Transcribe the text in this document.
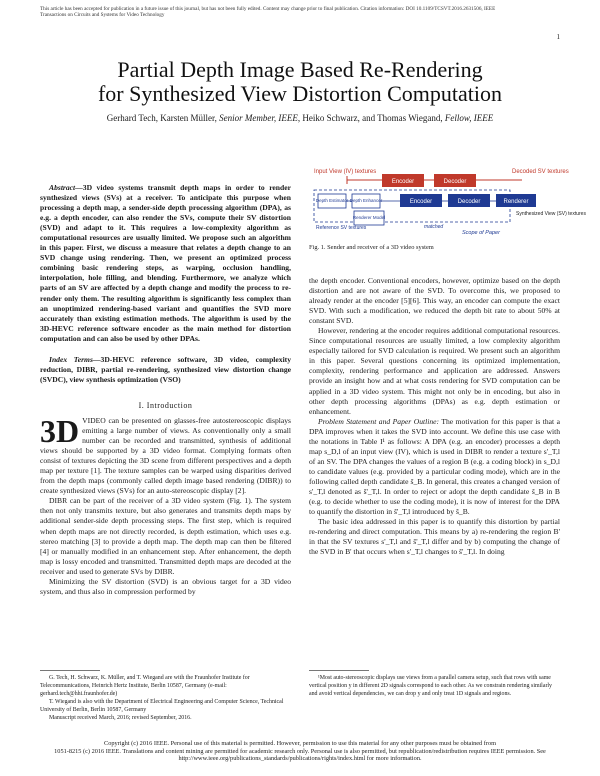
This article has been accepted for publication in a future issue of this journal, but has not been fully edited. Content may change prior to final publication. Citation information: DOI 10.1109/TCSVT.2016.2631506, IEEE
Transactions on Circuits and Systems for Video Technology
1
Partial Depth Image Based Re-Rendering
for Synthesized View Distortion Computation
Gerhard Tech, Karsten Müller, Senior Member, IEEE, Heiko Schwarz, and Thomas Wiegand, Fellow, IEEE

Abstract—3D video systems transmit depth maps in order to render synthesized views (SVs) at a receiver. To anticipate this purpose when processing a depth map, a sender-side depth processing algorithm (DPA), as e.g. a depth encoder, can also render the SVs, compute their SV distortion (SVD) and adapt to it. This requires a low-complexity algorithm as computational resources are usually limited. We propose such an algorithm in this paper. First, we discuss a measure that relates a depth change to an SVD change using rendering. Then, we present an optimized process combining basic rendering steps, as warping, occlusion handling, interpolation, hole filling, and blending. Furthermore, we analyze which parts of an SV are affected by a depth change and modify the process to re-render only them. The resulting algorithm is significantly less complex than an unoptimized rendering-based variant and quantifies the SVD more accurately than existing estimation methods. The algorithm is used by the 3D-HEVC reference software encoder as the main method for distortion computation and can also be used by other DPAs.

Index Terms—3D-HEVC reference software, 3D video, complexity reduction, DIBR, partial re-rendering, synthesized view distortion change (SVDC), view synthesis optimization (VSO)

I. Introduction

3D VIDEO can be presented on glasses-free autostereoscopic displays emitting a large number of views. As conventionally only a small number can be recorded and transmitted, synthesis of additional views should be supported by a 3D video format. Complying formats often consist of textures depicting the 3D scene from different perspectives and a depth map per texture [1]. The texture samples can be warped using disparities derived from the depth maps (commonly called depth image based rendering (DIBR)) to create synthesized views (SVs) for an auto-stereoscopic display [2].

DIBR can be part of the receiver of a 3D video system (Fig. 1). The system then not only transmits texture, but also generates and transmits depth maps by additional sender-side depth processing steps. The first step, which is required when depth maps are not directly recorded, is depth estimation, which uses e.g. stereo matching [3] to provide a depth map. The depth map can then be filtered [4] or manually modified in an enhancement step. After enhancement, the depth map is lossy encoded and transmitted. Transmitted depth maps are decoded at the receiver and used to generate SVs by DIBR.

Minimizing the SV distortion (SVD) is an obvious target for a 3D video system, and thus also in compression performed by

G. Tech, H. Schwarz, K. Müller, and T. Wiegand are with the Fraunhofer Institute for Telecommunications, Heinrich Hertz Institute, Berlin 10587, Germany (e-mail: gerhard.tech@hhi.fraunhofer.de)

T. Wiegand is also with the Department of Electrical Engineering and Computer Science, Technical University of Berlin, Berlin 10587, Germany

Manuscript received March, 2016; revised September, 2016.

Input View (IV) textures	Decoded SV textures
Encoder	Decoder
Depth Estimator Depth Enhancer	Encoder	Decoder	Renderer
Renderer Model
Synthesized View (SV) textures
Reference SV textures	matched
Scope of Paper
Fig. 1. Sender and receiver of a 3D video system

the depth encoder. Conventional encoders, however, optimize based on the depth distortion and are not aware of the SVD. To overcome this, we proposed to already render at the encoder [5][6]. This way, an encoder can compute the exact SVD. With such a modification, we reduced the depth bit rate to about 50% at constant SVD.

However, rendering at the encoder requires additional computational resources. Since computational resources are usually limited, a low complexity algorithm especially tailored for SVD calculation is required. We present such an algorithm in this paper. Several questions concerning its optimized implementation, complexity, rendering performance and application are addressed. Answers provide an insight how and at what costs rendering for SVD computation can be applied in a 3D video system. This might not only be in encoding, but also in other depth processing algorithms (DPAs) as e.g. depth estimation or enhancement.

Problem Statement and Paper Outline: The motivation for this paper is that a DPA improves when it takes the SVD into account. We define this use case with the notations in Table I¹ as follows: A DPA (e.g. an encoder) processes a depth map s_D,l of an input view (IV), which is used in DIBR to render a texture s'_T,l of an SV. The DPA changes the values of a region B (e.g. a coding block) in s_D,l to candidate values (e.g. provided by a particular coding mode), which are in the following called depth candidate s̃_B. In general, this creates a changed version of s'_T,l denoted as s̃'_T,l. In order to reject or adopt the depth candidate s̃_B in B (e.g. to decide whether to use the coding mode), it is now of interest for the DPA to quantify the distortion in s̃'_T,l introduced by s̃_B.

The basic idea addressed in this paper is to quantify this distortion by partial re-rendering and direct computation. This means by a) re-rendering the region B' in that the SV textures s'_T,l and s̃'_T,l differ and by b) computing the change of the SVD in B' that occurs when s'_T,l changes to s̃'_T,l. In doing

¹Most auto-stereoscopic displays use views from a parallel camera setup, such that rows with same vertical position y in different 2D signals correspond to each other. As we constrain rendering similarly and avoid vertical dependencies, we can drop y and only treat 1D signals and regions.

Copyright (c) 2016 IEEE. Personal use of this material is permitted. However, permission to use this material for any other purposes must be obtained from
1051-8215 (c) 2016 IEEE. Translations and content mining are permitted for academic research only. Personal use is also permitted, but republication/redistribution requires IEEE permission. See
http://www.ieee.org/publications_standards/publications/rights/index.html for more information.
